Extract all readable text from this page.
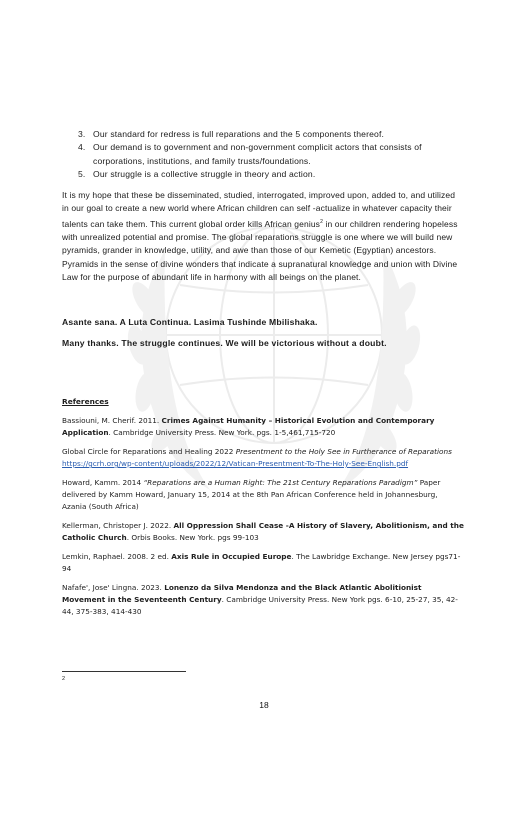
3. Our standard for redress is full reparations and the 5 components thereof.
4. Our demand is to government and non-government complicit actors that consists of corporations, institutions, and family trusts/foundations.
5. Our struggle is a collective struggle in theory and action.

It is my hope that these be disseminated, studied, interrogated, improved upon, added to, and utilized in our goal to create a new world where African children can self -actualize in whatever capacity their talents can take them. This current global order kills African genius$^2$ in our children rendering hopeless with unrealized potential and promise. The global reparations struggle is one where we will build new pyramids, grander in knowledge, utility, and awe than those of our Kemetic (Egyptian) ancestors. Pyramids in the sense of divine wonders that indicate a supranatural knowledge and union with Divine Law for the purpose of abundant life in harmony with all beings on the planet.

Asante sana. A Luta Continua. Lasima Tushinde Mbilishaka.

Many thanks. The struggle continues. We will be victorious without a doubt.

References

Bassiouni, M. Cherif. 2011. Crimes Against Humanity – Historical Evolution and Contemporary Application. Cambridge University Press. New York. pgs. 1-5,461,715-720

Global Circle for Reparations and Healing 2022 Presentment to the Holy See in Furtherance of Reparations
https://gcrh.org/wp-content/uploads/2022/12/Vatican-Presentment-To-The-Holy-See-English.pdf

Howard, Kamm. 2014 “Reparations are a Human Right: The 21st Century Reparations Paradigm” Paper delivered by Kamm Howard, January 15, 2014 at the 8th Pan African Conference held in Johannesburg, Azania (South Africa)

Kellerman, Christoper J. 2022. All Oppression Shall Cease -A History of Slavery, Abolitionism, and the Catholic Church. Orbis Books. New York. pgs 99-103

Lemkin, Raphael. 2008. 2 ed. Axis Rule in Occupied Europe. The Lawbridge Exchange. New Jersey pgs71-94

Nafafe', Jose' Lingna. 2023. Lonenzo da Silva Mendonza and the Black Atlantic Abolitionist Movement in the Seventeenth Century. Cambridge University Press. New York pgs. 6-10, 25-27, 35, 42-44, 375-383, 414-430

2
18
